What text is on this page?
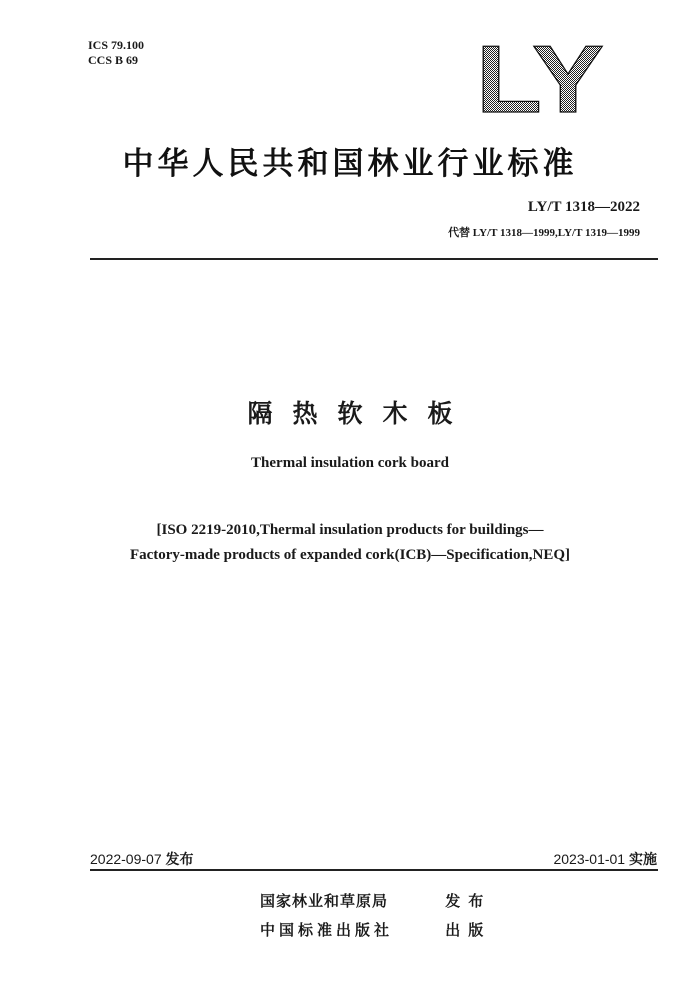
ICS 79.100
CCS B 69	LY
中华人民共和国林业行业标准
LY/T 1318—2022
代替 LY/T 1318—1999,LY/T 1319—1999
隔热软木板
Thermal insulation cork board
[ISO 2219-2010,Thermal insulation products for buildings—
Factory-made products of expanded cork(ICB)—Specification,NEQ]
2022-09-07 发布	2023-01-01 实施
国家林业和草原局	发布
中国标准出版社	出版
